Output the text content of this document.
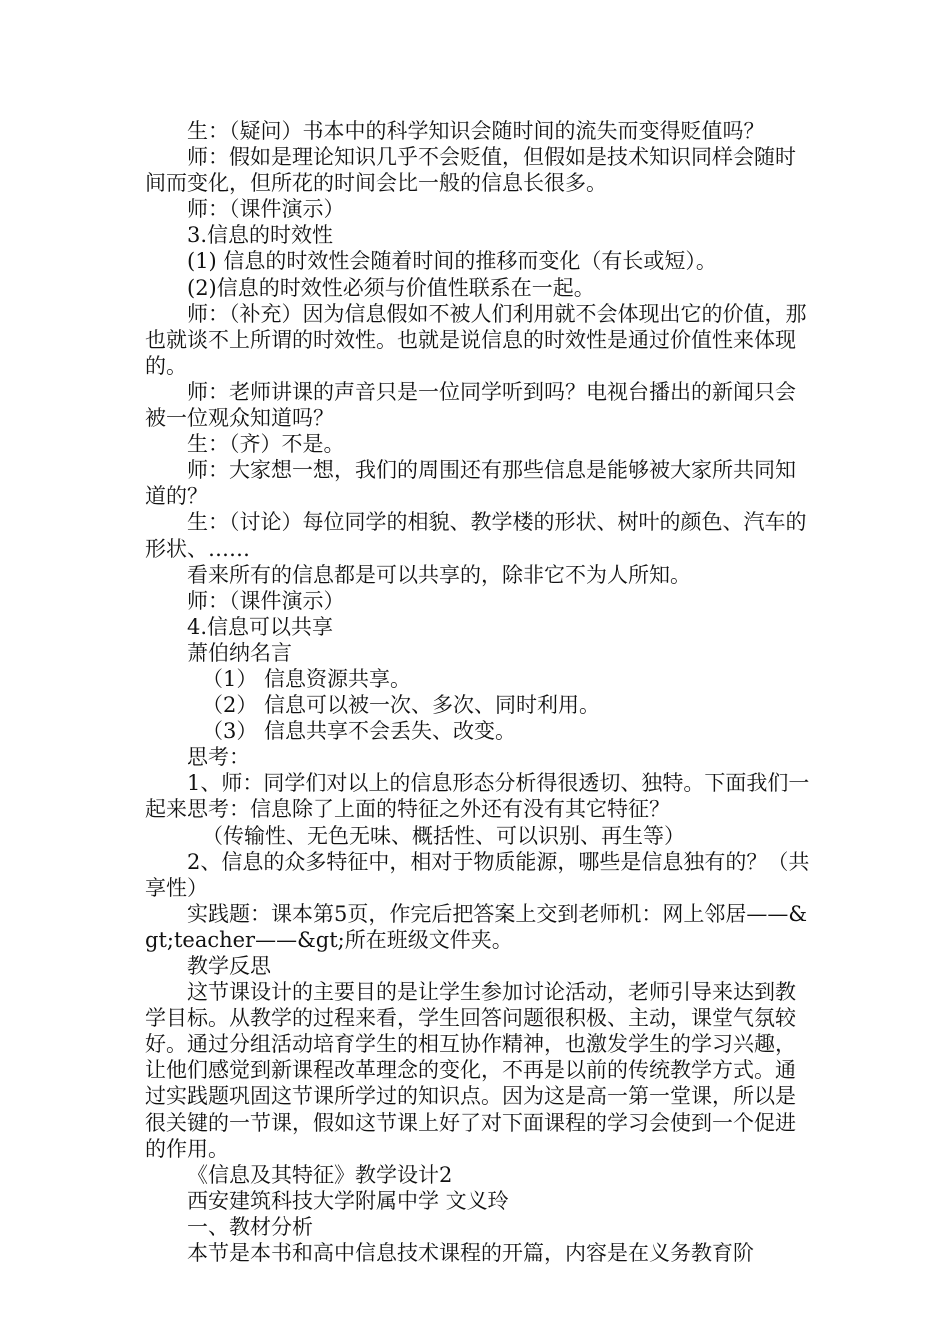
生：（疑问）书本中的科学知识会随时间的流失而变得贬值吗？

师：假如是理论知识几乎不会贬值，但假如是技术知识同样会随时间而变化，但所花的时间会比一般的信息长很多。

师：（课件演示）

3.信息的时效性

(1) 信息的时效性会随着时间的推移而变化（有长或短）。

(2)信息的时效性必须与价值性联系在一起。

师：（补充）因为信息假如不被人们利用就不会体现出它的价值，那也就谈不上所谓的时效性。也就是说信息的时效性是通过价值性来体现的。

师：老师讲课的声音只是一位同学听到吗？电视台播出的新闻只会被一位观众知道吗？

生：（齐）不是。

师：大家想一想，我们的周围还有那些信息是能够被大家所共同知道的？

生：（讨论）每位同学的相貌、教学楼的形状、树叶的颜色、汽车的形状、……

看来所有的信息都是可以共享的，除非它不为人所知。

师：（课件演示）

4.信息可以共享

萧伯纳名言

（1） 信息资源共享。

（2） 信息可以被一次、多次、同时利用。

（3） 信息共享不会丢失、改变。

思考：

1、师：同学们对以上的信息形态分析得很透切、独特。下面我们一起来思考：信息除了上面的特征之外还有没有其它特征？

（传输性、无色无味、概括性、可以识别、再生等）

2、信息的众多特征中，相对于物质能源，哪些是信息独有的？（共享性）

实践题：课本第5页，作完后把答案上交到老师机：网上邻居——&gt;teacher——&gt;所在班级文件夹。

教学反思

这节课设计的主要目的是让学生参加讨论活动，老师引导来达到教学目标。从教学的过程来看，学生回答问题很积极、主动，课堂气氛较好。通过分组活动培育学生的相互协作精神，也激发学生的学习兴趣，让他们感觉到新课程改革理念的变化，不再是以前的传统教学方式。通过实践题巩固这节课所学过的知识点。因为这是高一第一堂课，所以是很关键的一节课，假如这节课上好了对下面课程的学习会使到一个促进的作用。

《信息及其特征》教学设计2

西安建筑科技大学附属中学 文义玲

一、教材分析

本节是本书和高中信息技术课程的开篇，内容是在义务教育阶
